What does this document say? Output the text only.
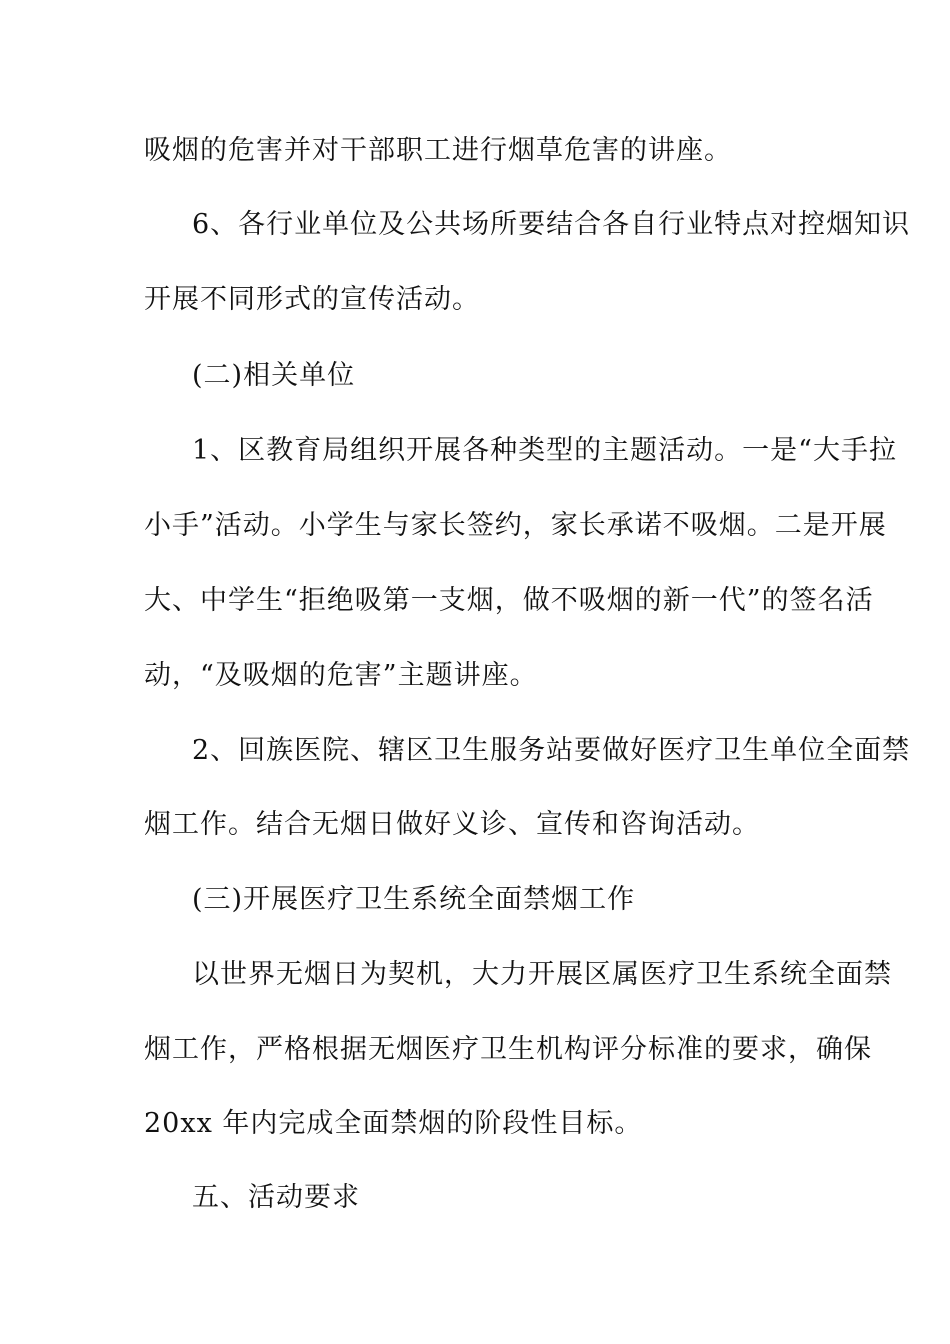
吸烟的危害并对干部职工进行烟草危害的讲座。
6、各行业单位及公共场所要结合各自行业特点对控烟知识
开展不同形式的宣传活动。
(二)相关单位
1、区教育局组织开展各种类型的主题活动。一是“大手拉
小手”活动。小学生与家长签约，家长承诺不吸烟。二是开展
大、中学生“拒绝吸第一支烟，做不吸烟的新一代”的签名活
动，“及吸烟的危害”主题讲座。
2、回族医院、辖区卫生服务站要做好医疗卫生单位全面禁
烟工作。结合无烟日做好义诊、宣传和咨询活动。
(三)开展医疗卫生系统全面禁烟工作
以世界无烟日为契机，大力开展区属医疗卫生系统全面禁
烟工作，严格根据无烟医疗卫生机构评分标准的要求，确保
20xx 年内完成全面禁烟的阶段性目标。
五、活动要求
